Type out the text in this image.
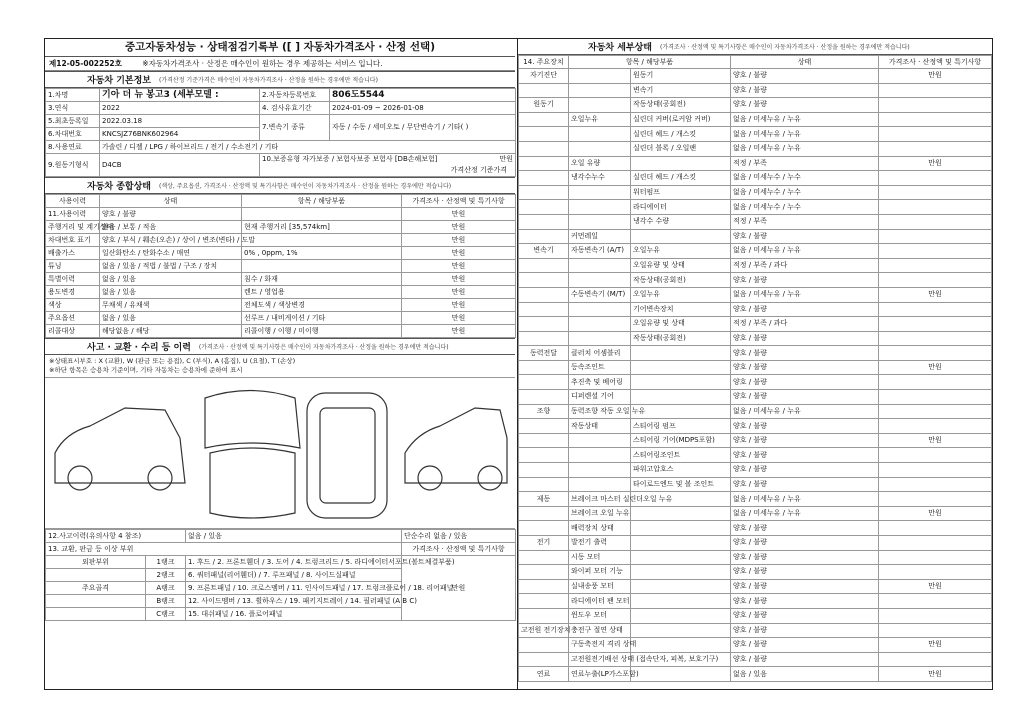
중고자동차성능 · 상태점검기록부 ([ ] 자동차가격조사 · 산정 선택)
제12-05-002252호	※자동차가격조사 · 산정은 매수인이 원하는 경우 제공하는 서비스 입니다.
자동차 기본정보	(가격산정 기준가격은 매수인이 자동차가격조사 · 산정을 원하는 경우에만 적습니다)
1.차명	기아 더 뉴 봉고3 (세부모델 :	2.자동차등록번호	806도5544
3.연식	2022	4. 검사유효기간	2024-01-09 ~ 2026-01-08
5.최초등록일	2022.03.18	7.변속기 종류	자동 / 수동 / 세미오토 / 무단변속기 / 기타( )
6.차대번호	KNCSJZ76BNK602964		
8.사용연료	가솔린 / 디젤 / LPG / 하이브리드 / 전기 / 수소전기 / 기타		
9.원동기형식	D4CB	10.보증유형 자가보증 / 보험사보증 보험사 [DB손해보험] 만원
가격산정 기준가격	
자동차 종합상태	(색상, 주요옵션, 가격조사 · 산정액 및 특기사항은 매수인이 자동차가격조사 · 산정을 원하는 경우에만 적습니다)
사용이력	상태	항목 / 해당부품	가격조사 · 산정액 및 특기사항
11.사용이력	양호 / 불량		만원
주행거리 및 계기상태	많음 / 보통 / 적음	현재 주행거리 [35,574km]	만원
차대번호 표기	양호 / 부식 / 훼손(오손) / 상이 / 변조(변타) / 도말		만원
배출가스	일산화탄소 / 탄화수소 / 매연	0% , 0ppm, 1%	만원
튜닝	없음 / 있음 / 적법 / 불법 / 구조 / 장치		만원
특별이력	없음 / 있음	침수 / 화재	만원
용도변경	없음 / 있음	렌트 / 영업용	만원
색상	무채색 / 유채색	전체도색 / 색상변경	만원
주요옵션	없음 / 있음	선루프 / 내비게이션 / 기타	만원
리콜대상	해당없음 / 해당	리콜이행 / 이행 / 미이행	만원
사고 · 교환 · 수리 등 이력	(가격조사 · 산정액 및 특기사항은 매수인이 자동차가격조사 · 산정을 원하는 경우에만 적습니다)
※상태표시부호 : X (교환), W (판금 또는 용접), C (부식), A (흠집), U (요철), T (손상)
※하단 항목은 승용차 기준이며, 기타 자동차는 승용차에 준하여 표시
12.사고이력(유의사항 4 참조)		없음 / 있음	단순수리 없음 / 있음
13. 교환, 판금 등 이상 부위			가격조사 · 산정액 및 특기사항
외판부위	1랭크	1. 후드 / 2. 프론트휀더 / 3. 도어 / 4. 트렁크리드 / 5. 라디에이터서포트(볼트체결부품)	만원
	2랭크	6. 쿼터패널(리어휀더) / 7. 루프패널 / 8. 사이드실패널	
주요골격	A랭크	9. 프론트패널 / 10. 크로스멤버 / 11. 인사이드패널 / 17. 트렁크플로어 / 18. 리어패널	
	B랭크	12. 사이드멤버 / 13. 휠하우스 / 19. 패키지트레이 / 14. 필러패널 (A B C)	
	C랭크	15. 대쉬패널 / 16. 플로어패널	
자동차 세부상태	(가격조사 · 산정액 및 특기사항은 매수인이 자동차가격조사 · 산정을 원하는 경우에만 적습니다)
14. 주요장치	항목 / 해당부품		상태	가격조사 · 산정액 및 특기사항
자기진단		원동기	양호 / 불량	만원
		변속기	양호 / 불량	
원동기		작동상태(공회전)	양호 / 불량	
	오일누유	실린더 커버(로커암 커버)	없음 / 미세누유 / 누유	
		실린더 헤드 / 개스킷	없음 / 미세누유 / 누유	
		실린더 블록 / 오일팬	없음 / 미세누유 / 누유	
	오일 유량		적정 / 부족	만원
	냉각수누수	실린더 헤드 / 개스킷	없음 / 미세누수 / 누수	
		워터펌프	없음 / 미세누수 / 누수	
		라디에이터	없음 / 미세누수 / 누수	
		냉각수 수량	적정 / 부족	
	커먼레일		양호 / 불량	
변속기	자동변속기 (A/T)	오일누유	없음 / 미세누유 / 누유	
		오일유량 및 상태	적정 / 부족 / 과다	
		작동상태(공회전)	양호 / 불량	
	수동변속기 (M/T)	오일누유	없음 / 미세누유 / 누유	만원
		기어변속장치	양호 / 불량	
		오일유량 및 상태	적정 / 부족 / 과다	
		작동상태(공회전)	양호 / 불량	
동력전달	클러치 어셈블리		양호 / 불량	
	등속조인트		양호 / 불량	만원
	추진축 및 베어링		양호 / 불량	
	디퍼렌셜 기어		양호 / 불량	
조향	동력조향 작동 오일 누유		없음 / 미세누유 / 누유	
	작동상태	스티어링 펌프	양호 / 불량	
		스티어링 기어(MDPS포함)	양호 / 불량	만원
		스티어링조인트	양호 / 불량	
		파워고압호스	양호 / 불량	
		타이로드엔드 및 볼 조인트	양호 / 불량	
제동	브레이크 마스터 실린더오일 누유		없음 / 미세누유 / 누유	
	브레이크 오일 누유		없음 / 미세누유 / 누유	만원
	배력장치 상태		양호 / 불량	
전기	발전기 출력		양호 / 불량	
	시동 모터		양호 / 불량	
	와이퍼 모터 기능		양호 / 불량	
	실내송풍 모터		양호 / 불량	만원
	라디에이터 팬 모터		양호 / 불량	
	윈도우 모터		양호 / 불량	
고전원 전기장치	충전구 절연 상태		양호 / 불량	
	구동축전지 격리 상태		양호 / 불량	만원
	고전원전기배선 상태 (접속단자, 피복, 보호기구)		양호 / 불량	
연료	연료누출(LP가스포함)		없음 / 있음	만원
